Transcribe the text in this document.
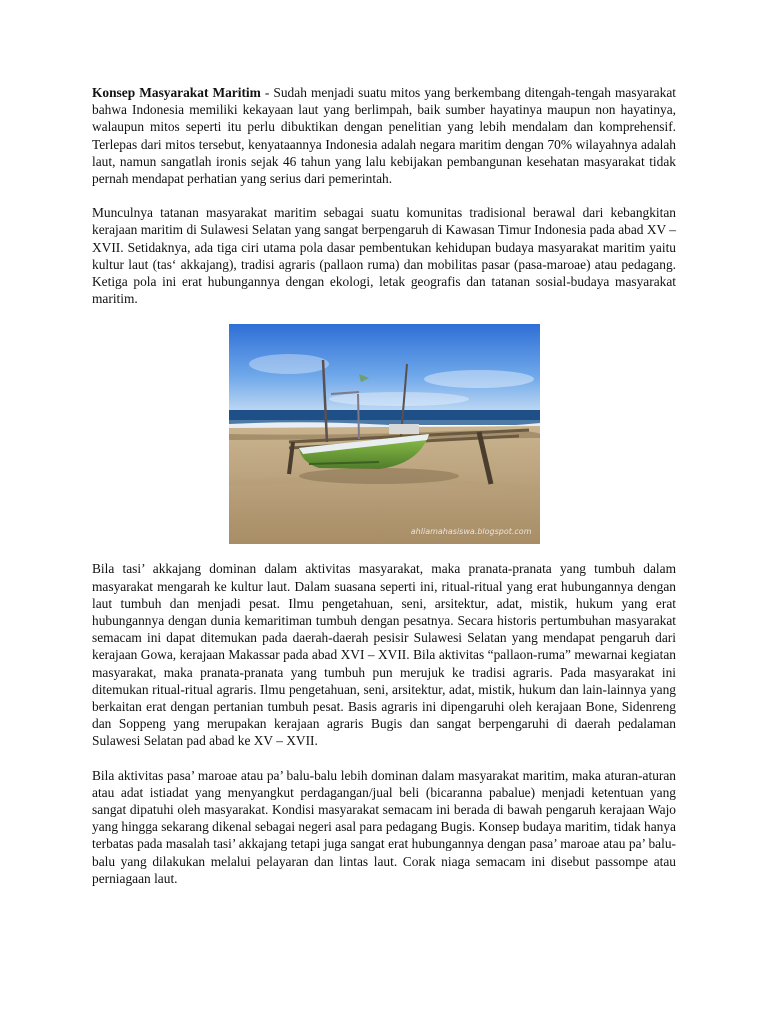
Konsep Masyarakat Maritim - Sudah menjadi suatu mitos yang berkembang ditengah-tengah masyarakat bahwa Indonesia memiliki kekayaan laut yang berlimpah, baik sumber hayatinya maupun non hayatinya, walaupun mitos seperti itu perlu dibuktikan dengan penelitian yang lebih mendalam dan komprehensif. Terlepas dari mitos tersebut, kenyataannya Indonesia adalah negara maritim dengan 70% wilayahnya adalah laut, namun sangatlah ironis sejak 46 tahun yang lalu kebijakan pembangunan kesehatan masyarakat tidak pernah mendapat perhatian yang serius dari pemerintah.

Munculnya tatanan masyarakat maritim sebagai suatu komunitas tradisional berawal dari kebangkitan kerajaan maritim di Sulawesi Selatan yang sangat berpengaruh di Kawasan Timur Indonesia pada abad XV – XVII. Setidaknya, ada tiga ciri utama pola dasar pembentukan kehidupan budaya masyarakat maritim yaitu kultur laut (tas‘ akkajang), tradisi agraris (pallaon ruma) dan mobilitas pasar (pasa-maroae) atau pedagang. Ketiga pola ini erat hubungannya dengan ekologi, letak geografis dan tatanan sosial-budaya masyarakat maritim.

ahliamahasiswa.blogspot.com

Bila tasi’ akkajang dominan dalam aktivitas masyarakat, maka pranata-pranata yang tumbuh dalam masyarakat mengarah ke kultur laut. Dalam suasana seperti ini, ritual-ritual yang erat hubungannya dengan laut tumbuh dan menjadi pesat. Ilmu pengetahuan, seni, arsitektur, adat, mistik, hukum yang erat hubungannya dengan dunia kemaritiman tumbuh dengan pesatnya. Secara historis pertumbuhan masyarakat semacam ini dapat ditemukan pada daerah-daerah pesisir Sulawesi Selatan yang mendapat pengaruh dari kerajaan Gowa, kerajaan Makassar pada abad XVI – XVII. Bila aktivitas “pallaon-ruma” mewarnai kegiatan masyarakat, maka pranata-pranata yang tumbuh pun merujuk ke tradisi agraris. Pada masyarakat ini ditemukan ritual-ritual agraris. Ilmu pengetahuan, seni, arsitektur, adat, mistik, hukum dan lain-lainnya yang berkaitan erat dengan pertanian tumbuh pesat. Basis agraris ini dipengaruhi oleh kerajaan Bone, Sidenreng dan Soppeng yang merupakan kerajaan agraris Bugis dan sangat berpengaruhi di daerah pedalaman Sulawesi Selatan pad abad ke XV – XVII.

Bila aktivitas pasa’ maroae atau pa’ balu-balu lebih dominan dalam masyarakat maritim, maka aturan-aturan atau adat istiadat yang menyangkut perdagangan/jual beli (bicaranna pabalue) menjadi ketentuan yang sangat dipatuhi oleh masyarakat. Kondisi masyarakat semacam ini berada di bawah pengaruh kerajaan Wajo yang hingga sekarang dikenal sebagai negeri asal para pedagang Bugis. Konsep budaya maritim, tidak hanya terbatas pada masalah tasi’ akkajang tetapi juga sangat erat hubungannya dengan pasa’ maroae atau pa’ balu-balu yang dilakukan melalui pelayaran dan lintas laut. Corak niaga semacam ini disebut passompe atau perniagaan laut.
